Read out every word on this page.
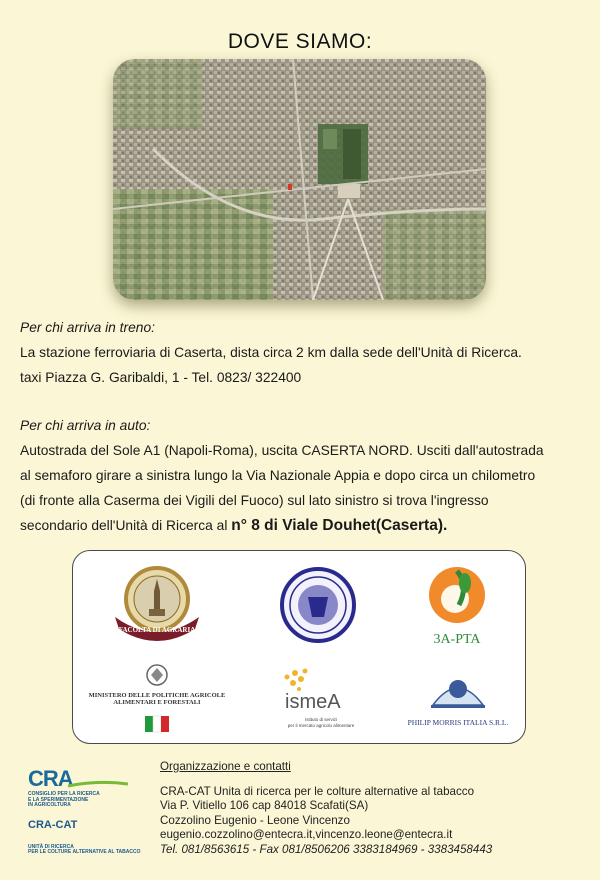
DOVE SIAMO:
Per chi arriva in treno:
La stazione ferroviaria di Caserta, dista circa 2 km dalla sede dell'Unità di Ricerca.
taxi Piazza G. Garibaldi, 1 - Tel. 0823/ 322400
Per chi arriva in auto:
Autostrada del Sole A1 (Napoli-Roma), uscita CASERTA NORD. Usciti dall'autostrada
al semaforo girare a sinistra lungo la Via Nazionale Appia e dopo circa un chilometro
(di fronte alla Caserma dei Vigili del Fuoco) sul lato sinistro si trova l'ingresso
secondario dell'Unità di Ricerca al n° 8 di Viale Douhet(Caserta).
FACOLTA DI AGRARIA
3A-PTA
MINISTERO DELLE POLITICHE AGRICOLE
ALIMENTARI E FORESTALI	ismeA
Istituto di servizi
per il mercato agricolo alimentare	PHILIP MORRIS ITALIA S.R.L.
CRA
CONSIGLIO PER LA RICERCA
E LA SPERIMENTAZIONE
IN AGRICOLTURA
CRA-CAT
UNITÀ DI RICERCA
PER LE COLTURE ALTERNATIVE AL TABACCO
Organizzazione e contatti
CRA-CAT Unita di ricerca per le colture alternative al tabacco
Via P. Vitiello 106 cap 84018 Scafati(SA)
Cozzolino Eugenio - Leone Vincenzo
eugenio.cozzolino@entecra.it,vincenzo.leone@entecra.it
Tel. 081/8563615 - Fax 081/8506206 3383184969 - 3383458443
